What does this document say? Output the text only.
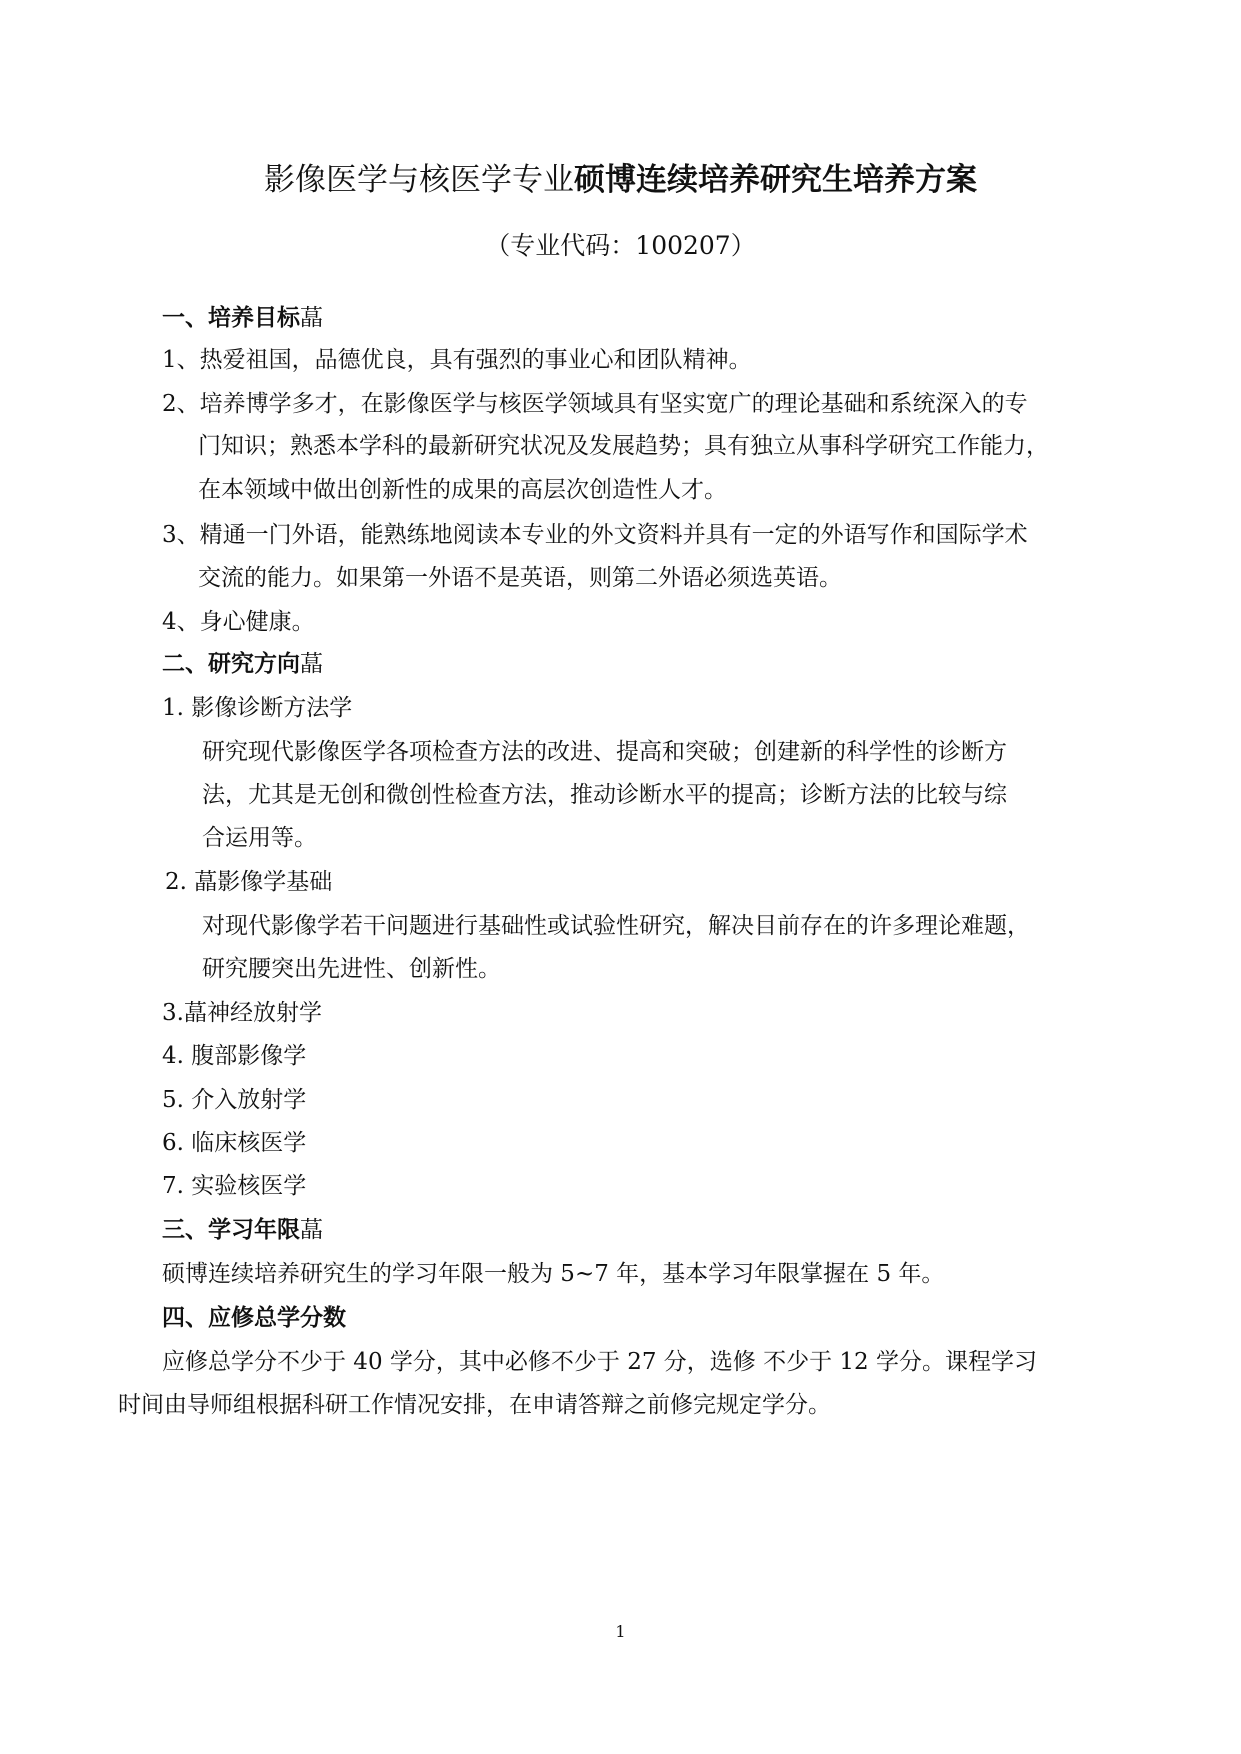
影像医学与核医学专业硕博连续培养研究生培养方案
（专业代码：100207）
一、培养目标蕌
1、热爱祖国，品德优良，具有强烈的事业心和团队精神。
2、培养博学多才，在影像医学与核医学领域具有坚实宽广的理论基础和系统深入的专
门知识；熟悉本学科的最新研究状况及发展趋势；具有独立从事科学研究工作能力，
在本领域中做出创新性的成果的高层次创造性人才。
3、精通一门外语，能熟练地阅读本专业的外文资料并具有一定的外语写作和国际学术
交流的能力。如果第一外语不是英语，则第二外语必须选英语。
4、身心健康。
二、研究方向蕌
1. 影像诊断方法学
研究现代影像医学各项检查方法的改进、提高和突破；创建新的科学性的诊断方
法，尤其是无创和微创性检查方法，推动诊断水平的提高；诊断方法的比较与综
合运用等。
2. 蕌影像学基础
对现代影像学若干问题进行基础性或试验性研究，解决目前存在的许多理论难题，
研究腰突出先进性、创新性。
3.蕌神经放射学
4. 腹部影像学
5. 介入放射学
6. 临床核医学
7. 实验核医学
三、学习年限蕌
硕博连续培养研究生的学习年限一般为 5~7 年，基本学习年限掌握在 5 年。
四、应修总学分数
应修总学分不少于 40 学分，其中必修不少于 27 分，选修 不少于 12 学分。课程学习
时间由导师组根据科研工作情况安排，在申请答辩之前修完规定学分。
1
